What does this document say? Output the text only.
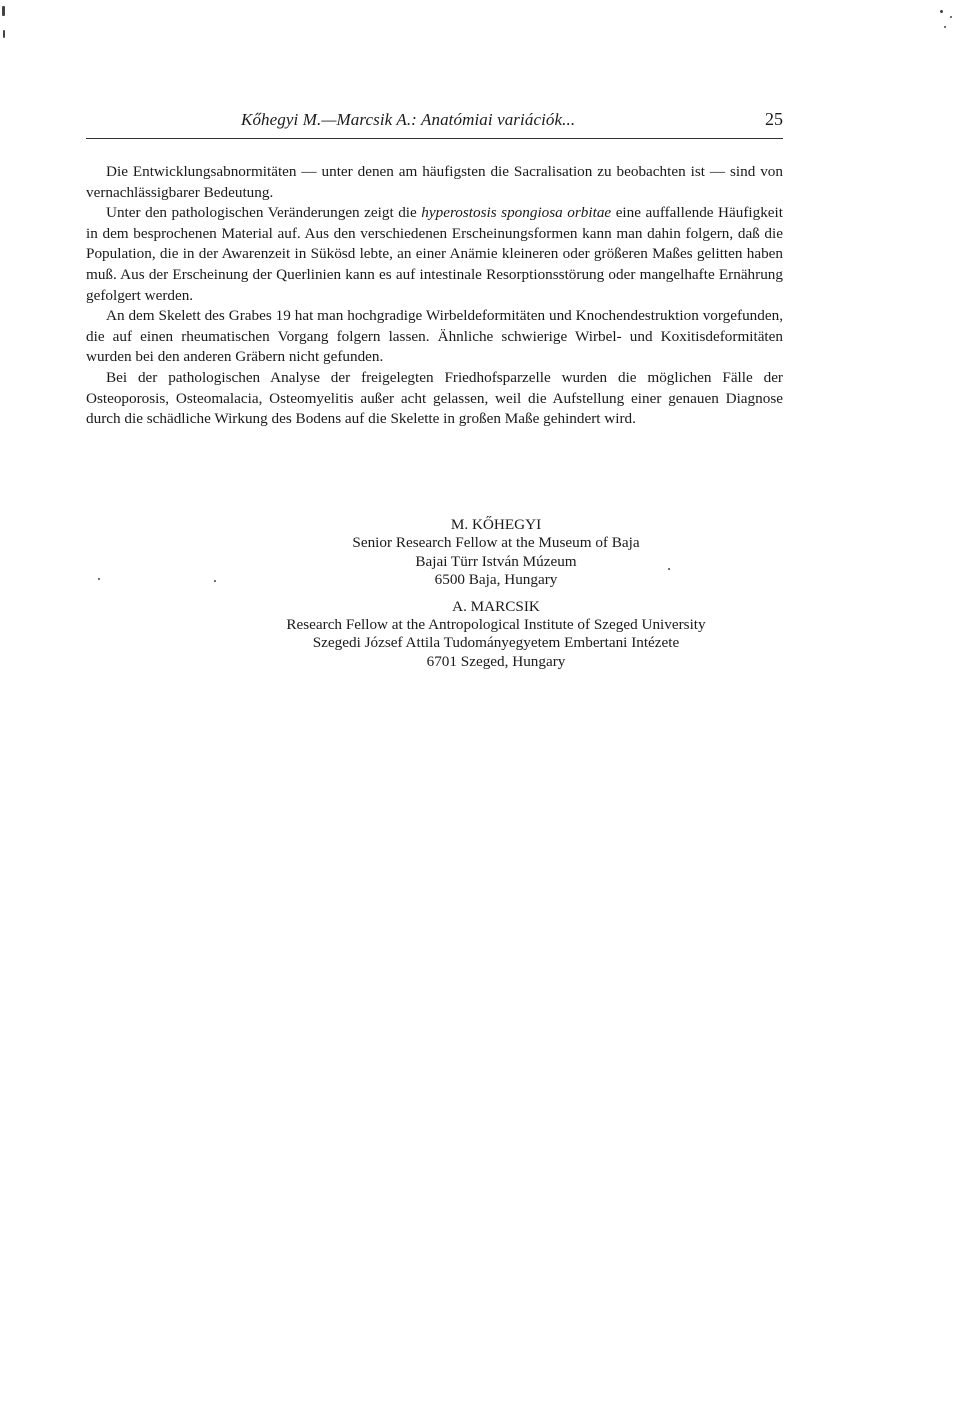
Kőhegyi M.—Marcsik A.: Anatómiai variációk...	25

Die Entwicklungsabnormitäten — unter denen am häufigsten die Sacralisation zu beobachten ist — sind von vernachlässigbarer Bedeutung.

Unter den pathologischen Veränderungen zeigt die hyperostosis spongiosa orbitae eine auffallende Häufigkeit in dem besprochenen Material auf. Aus den verschiedenen Erscheinungsformen kann man dahin folgern, daß die Population, die in der Awarenzeit in Sükösd lebte, an einer Anämie kleineren oder größeren Maßes gelitten haben muß. Aus der Erscheinung der Querlinien kann es auf intestinale Resorptionsstörung oder mangelhafte Ernährung gefolgert werden.

An dem Skelett des Grabes 19 hat man hochgradige Wirbeldeformitäten und Knochendestruktion vorgefunden, die auf einen rheumatischen Vorgang folgern lassen. Ähnliche schwierige Wirbel- und Koxitisdeformitäten wurden bei den anderen Gräbern nicht gefunden.

Bei der pathologischen Analyse der freigelegten Friedhofsparzelle wurden die möglichen Fälle der Osteoporosis, Osteomalacia, Osteomyelitis außer acht gelassen, weil die Aufstellung einer genauen Diagnose durch die schädliche Wirkung des Bodens auf die Skelette in großen Maße gehindert wird.

M. KŐHEGYI
Senior Research Fellow at the Museum of Baja
Bajai Türr István Múzeum
6500 Baja, Hungary
A. MARCSIK
Research Fellow at the Antropological Institute of Szeged University
Szegedi József Attila Tudományegyetem Embertani Intézete
6701 Szeged, Hungary
